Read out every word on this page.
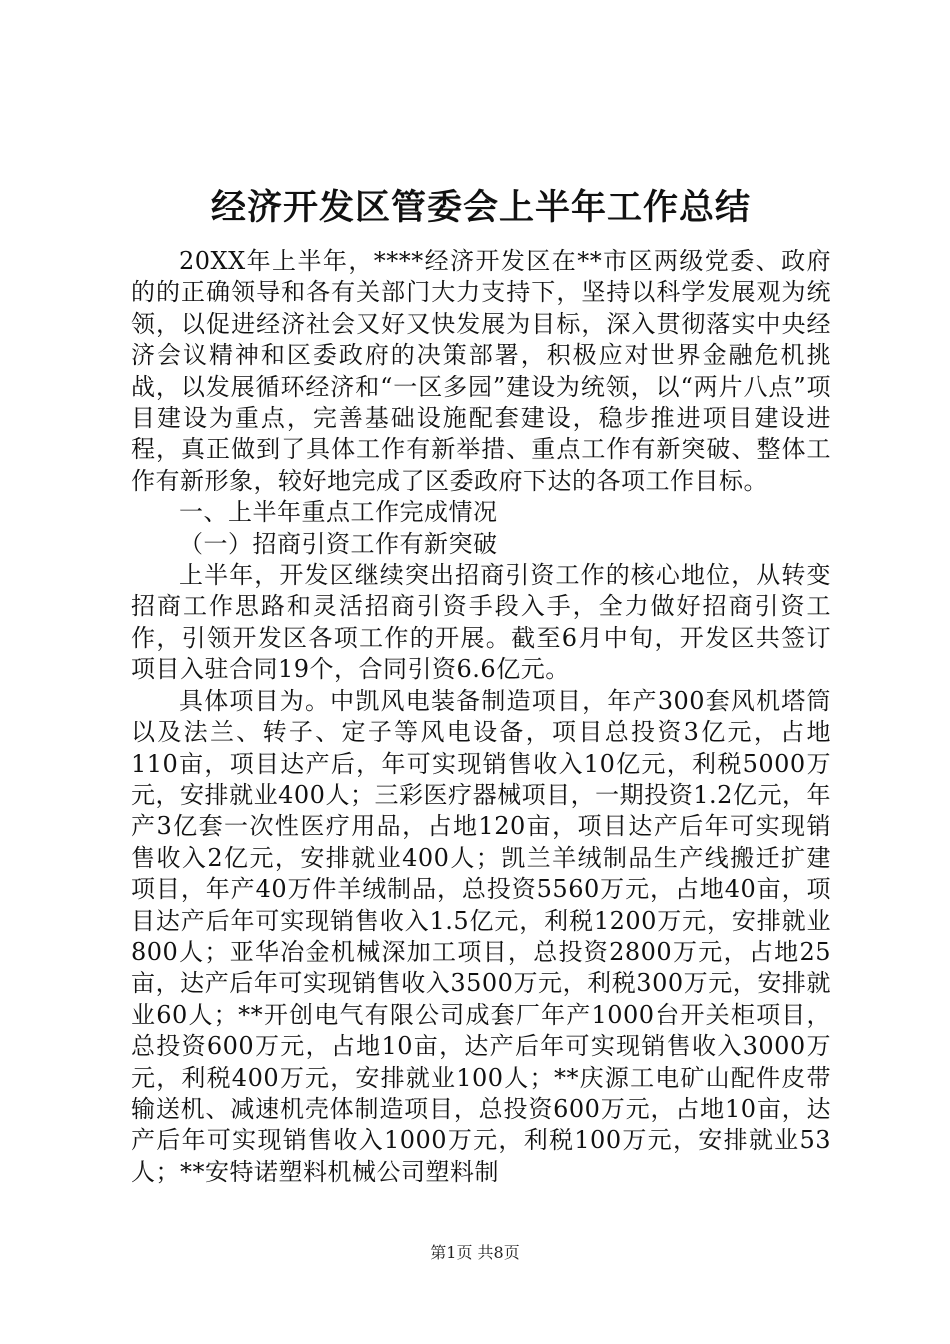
经济开发区管委会上半年工作总结

20XX年上半年，****经济开发区在**市区两级党委、政府的的正确领导和各有关部门大力支持下，坚持以科学发展观为统领，以促进经济社会又好又快发展为目标，深入贯彻落实中央经济会议精神和区委政府的决策部署，积极应对世界金融危机挑战，以发展循环经济和“一区多园”建设为统领，以“两片八点”项目建设为重点，完善基础设施配套建设，稳步推进项目建设进程，真正做到了具体工作有新举措、重点工作有新突破、整体工作有新形象，较好地完成了区委政府下达的各项工作目标。

一、上半年重点工作完成情况

（一）招商引资工作有新突破

上半年，开发区继续突出招商引资工作的核心地位，从转变招商工作思路和灵活招商引资手段入手，全力做好招商引资工作，引领开发区各项工作的开展。截至6月中旬，开发区共签订项目入驻合同19个，合同引资6.6亿元。

具体项目为。中凯风电装备制造项目，年产300套风机塔筒以及法兰、转子、定子等风电设备，项目总投资3亿元，占地110亩，项目达产后，年可实现销售收入10亿元，利税5000万元，安排就业400人；三彩医疗器械项目，一期投资1.2亿元，年产3亿套一次性医疗用品，占地120亩，项目达产后年可实现销售收入2亿元，安排就业400人；凯兰羊绒制品生产线搬迁扩建项目，年产40万件羊绒制品，总投资5560万元，占地40亩，项目达产后年可实现销售收入1.5亿元，利税1200万元，安排就业800人；亚华冶金机械深加工项目，总投资2800万元，占地25亩，达产后年可实现销售收入3500万元，利税300万元，安排就业60人；**开创电气有限公司成套厂年产1000台开关柜项目，总投资600万元，占地10亩，达产后年可实现销售收入3000万元，利税400万元，安排就业100人；**庆源工电矿山配件皮带输送机、减速机壳体制造项目，总投资600万元，占地10亩，达产后年可实现销售收入1000万元，利税100万元，安排就业53人；**安特诺塑料机械公司塑料制

第1页 共8页
